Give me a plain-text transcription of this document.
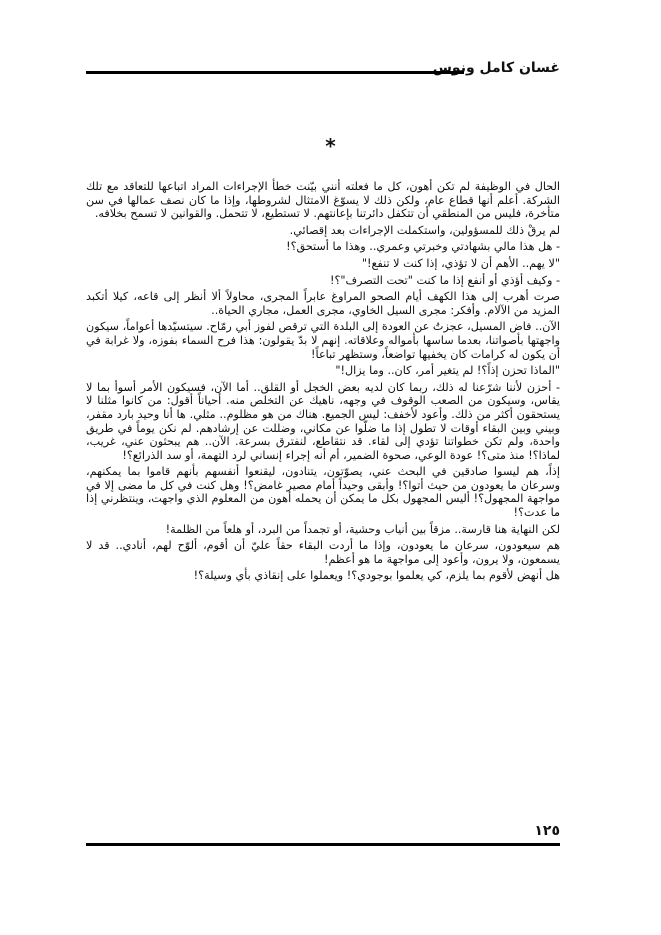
غسان كامل ونوس
*

الحال في الوظيفة لم تكن أهون، كل ما فعلته أنني بيّنت خطأ الإجراءات المراد اتباعها للتعاقد مع تلك الشركة. أعلم أنها قطاع عام، ولكن ذلك لا يسوّغ الامتثال لشروطها، وإذا ما كان نصف عمالها في سن متأخرة، فليس من المنطقي أن تتكفل دائرتنا بإعانتهم. لا تستطيع، لا تتحمل. والقوانين لا تسمح بخلافه.

لم يرقْ ذلك للمسؤولين، واستكملت الإجراءات بعد إقصائي.

- هل هذا مالي بشهادتي وخبرتي وعمري.. وهذا ما أستحق؟!

"لا يهم.. الأهم أن لا تؤذي، إذا كنت لا تنفع!"

- وكيف أؤذي أو أنفع إذا ما كنت "تحت التصرف"؟!

صرت أهرب إلى هذا الكهف أيام الصحو المراوغ عابراً المجرى، محاولاً ألا أنظر إلى قاعه، كيلا أتكبد المزيد من الآلام. وأفكر: مجرى السيل الخاوي، مجرى العمل، مجاري الحياة..

الآن.. فاض المسيل، عجزتُ عن العودة إلى البلدة التي ترقص لفوز أبي رمّاح. سيتسيّدها أعواماً، سيكون واجهتها بأصواتنا، بعدما ساسها بأمواله وعلاقاته. إنهم لا بدّ يقولون: هذا فرح السماء بفوزه، ولا غرابة في أن يكون له كرامات كان يخفيها تواضعاً، وستظهر تباعاً!

"الماذا تحزن إذاً؟! لم يتغير أمر، كان.. وما يزال!"

- أحزن لأننا شرّعنا له ذلك، ربما كان لديه بعض الخجل أو القلق.. أما الآن، فسيكون الأمر أسوأ بما لا يقاس، وسيكون من الصعب الوقوف في وجهه، ناهيك عن التخلص منه. أحياناً أقول: من كانوا مثلنا لا يستحقون أكثر من ذلك. وأعود لأخفف: ليس الجميع. هناك من هو مظلوم.. مثلي. ها أنا وحيد بارد مقفر، وبيني وبين البقاء أوقات لا تطول إذا ما ضلّوا عن مكاني، وضللت عن إرشادهم. لم نكن يوماً في طريق واحدة، ولم تكن خطواتنا تؤدي إلى لقاء. قد نتقاطع، لنفترق بسرعة. الآن.. هم يبحثون عني، غريب، لماذا؟! منذ متى؟! عودة الوعي، صحوة الضمير، أم أنه إجراء إنساني لرد التهمة، أو سد الذرائع؟!

إذاً، هم ليسوا صادقين في البحث عني، يصوّتون، يتنادون، ليقنعوا أنفسهم بأنهم قاموا بما يمكنهم، وسرعان ما يعودون من حيث أتوا؟! وأبقى وحيداً أمام مصير غامض؟! وهل كنت في كل ما مضى إلا في مواجهة المجهول؟! أليس المجهول بكل ما يمكن أن يحمله أهون من المعلوم الذي واجهت، وينتظرني إذا ما عدت؟!

لكن النهاية هنا قارسة.. مزقاً بين أنياب وحشية، أو تجمداً من البرد، أو هلعاً من الظلمة!

هم سيعودون، سرعان ما يعودون، وإذا ما أردت البقاء حقاً عليّ أن أقوم، ألوّح لهم، أنادي.. قد لا يسمعون، ولا يرون، وأعود إلى مواجهة ما هو أعظم!

هل أنهض لأقوم بما يلزم، كي يعلموا بوجودي؟! ويعملوا على إنقاذي بأي وسيلة؟!

١٢٥
